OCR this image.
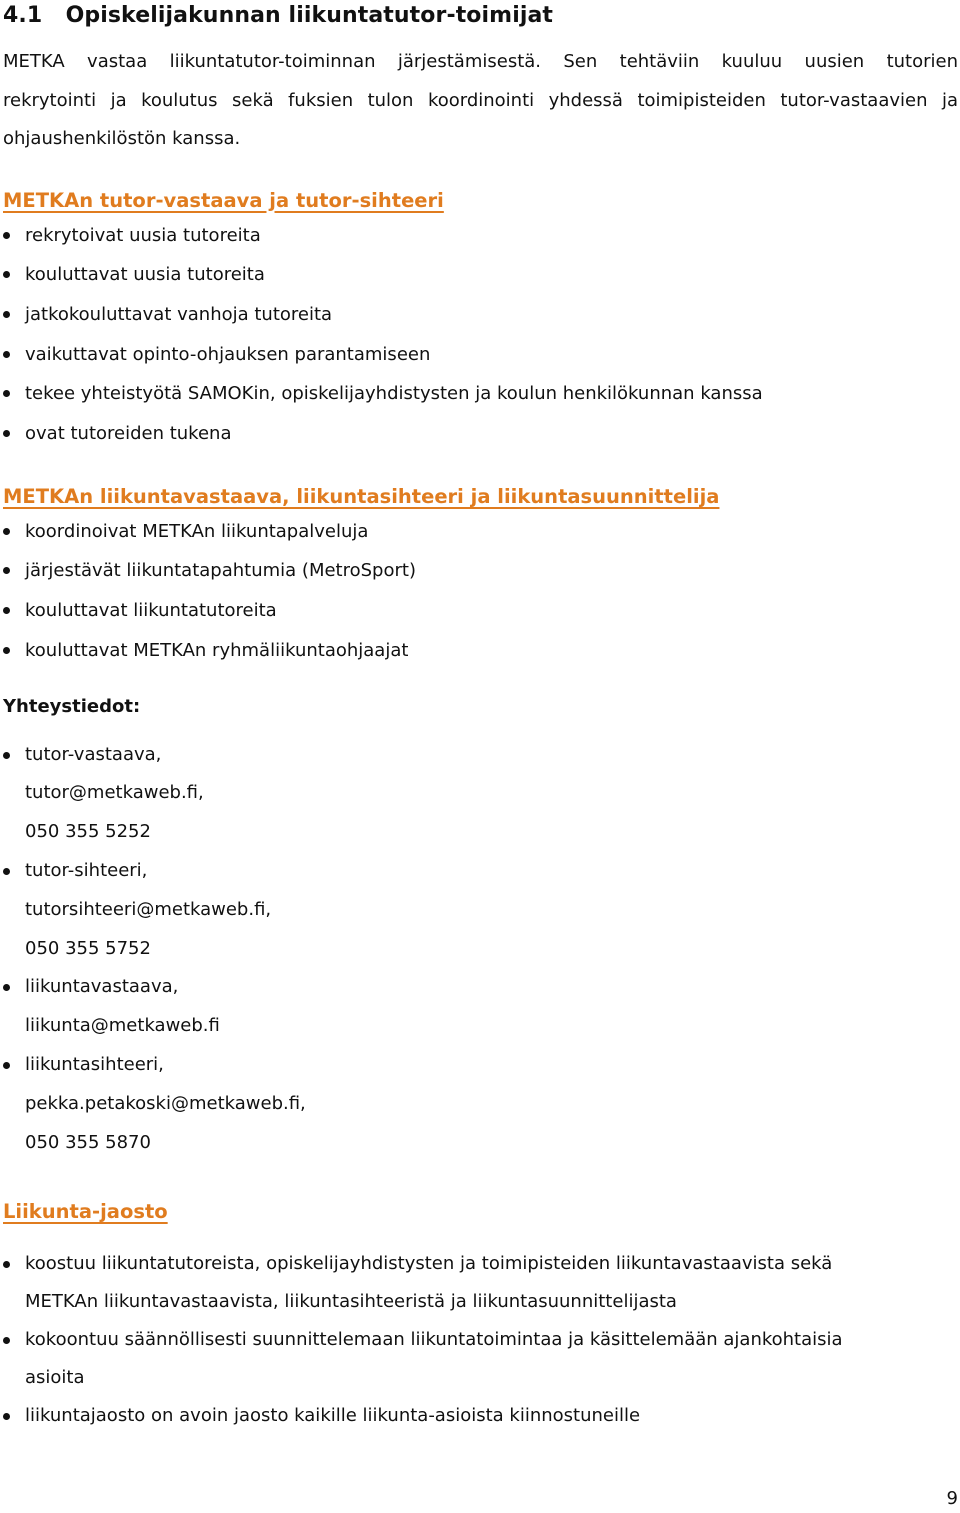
4.1 Opiskelijakunnan liikuntatutor-toimijat
METKA vastaa liikuntatutor-toiminnan järjestämisestä. Sen tehtäviin kuuluu uusien tutorien
rekrytointi ja koulutus sekä fuksien tulon koordinointi yhdessä toimipisteiden tutor-vastaavien ja
ohjaushenkilöstön kanssa.
METKAn tutor-vastaava ja tutor-sihteeri
rekrytoivat uusia tutoreita
kouluttavat uusia tutoreita
jatkokouluttavat vanhoja tutoreita
vaikuttavat opinto-ohjauksen parantamiseen
tekee yhteistyötä SAMOKin, opiskelijayhdistysten ja koulun henkilökunnan kanssa
ovat tutoreiden tukena
METKAn liikuntavastaava, liikuntasihteeri ja liikuntasuunnittelija
koordinoivat METKAn liikuntapalveluja
järjestävät liikuntatapahtumia (MetroSport)
kouluttavat liikuntatutoreita
kouluttavat METKAn ryhmäliikuntaohjaajat
Yhteystiedot:
tutor-vastaava,
tutor@metkaweb.fi,
050 355 5252
tutor-sihteeri,
tutorsihteeri@metkaweb.fi,
050 355 5752
liikuntavastaava,
liikunta@metkaweb.fi
liikuntasihteeri,
pekka.petakoski@metkaweb.fi,
050 355 5870
Liikunta-jaosto
koostuu liikuntatutoreista, opiskelijayhdistysten ja toimipisteiden liikuntavastaavista sekä
METKAn liikuntavastaavista, liikuntasihteeristä ja liikuntasuunnittelijasta
kokoontuu säännöllisesti suunnittelemaan liikuntatoimintaa ja käsittelemään ajankohtaisia
asioita
liikuntajaosto on avoin jaosto kaikille liikunta-asioista kiinnostuneille
9
